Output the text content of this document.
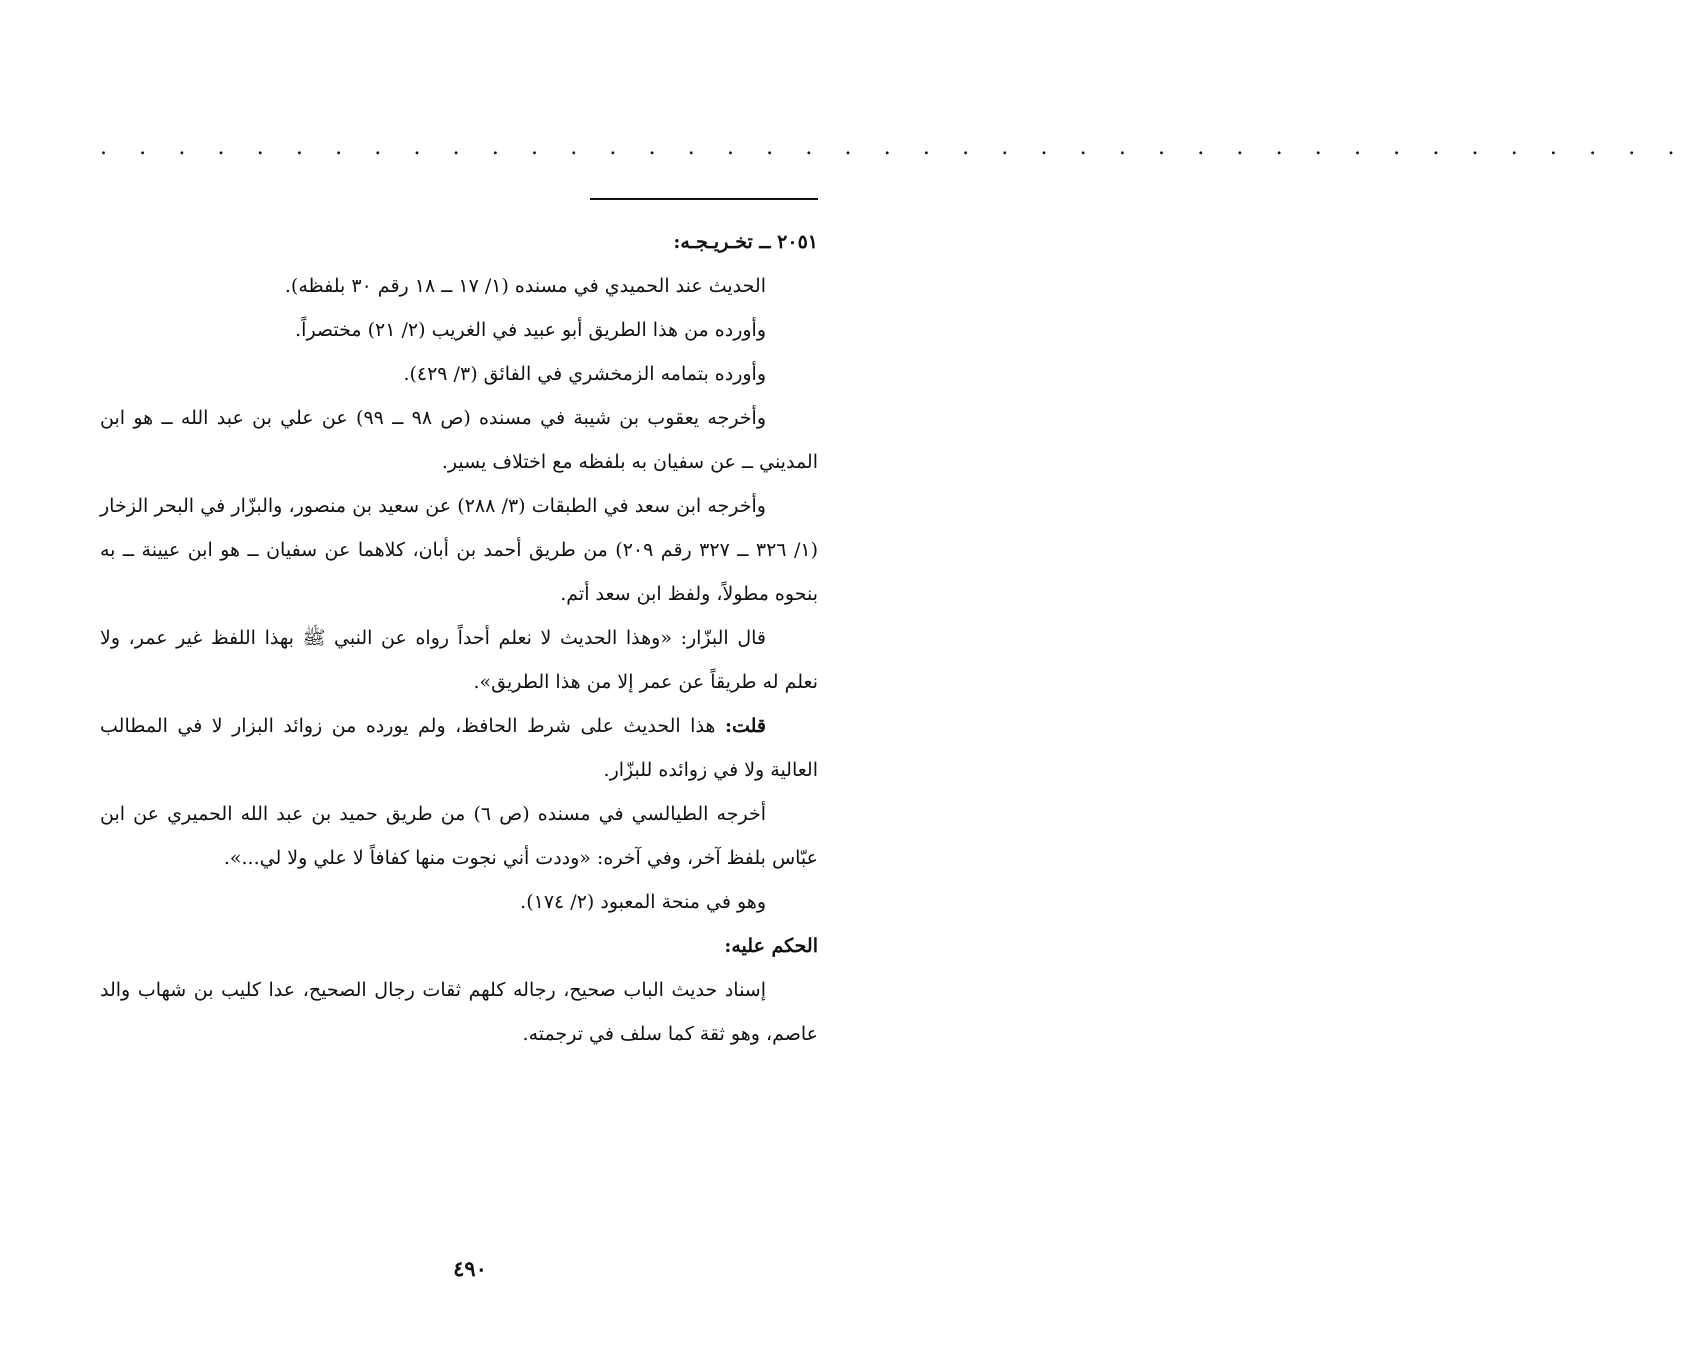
. . . . . . . . . . . . . . . . . . . . . . . . . . . . . . . . . . . . . . . . .

٢٠٥١ ــ تخـريـجـه:

الحديث عند الحميدي في مسنده (١/ ١٧ ــ ١٨ رقم ٣٠ بلفظه).

وأورده من هذا الطريق أبو عبيد في الغريب (٢/ ٢١) مختصراً.

وأورده بتمامه الزمخشري في الفائق (٣/ ٤٢٩).

وأخرجه يعقوب بن شيبة في مسنده (ص ٩٨ ــ ٩٩) عن علي بن عبد الله ــ هو ابن المديني ــ عن سفيان به بلفظه مع اختلاف يسير.

وأخرجه ابن سعد في الطبقات (٣/ ٢٨٨) عن سعيد بن منصور، والبزّار في البحر الزخار (١/ ٣٢٦ ــ ٣٢٧ رقم ٢٠٩) من طريق أحمد بن أبان، كلاهما عن سفيان ــ هو ابن عيينة ــ به بنحوه مطولاً، ولفظ ابن سعد أتم.

قال البزّار: «وهذا الحديث لا نعلم أحداً رواه عن النبي ﷺ بهذا اللفظ غير عمر، ولا نعلم له طريقاً عن عمر إلا من هذا الطريق».

قلت: هذا الحديث على شرط الحافظ، ولم يورده من زوائد البزار لا في المطالب العالية ولا في زوائده للبزّار.

أخرجه الطيالسي في مسنده (ص ٦) من طريق حميد بن عبد الله الحميري عن ابن عبّاس بلفظ آخر، وفي آخره: «وددت أني نجوت منها كفافاً لا علي ولا لي...».

وهو في منحة المعبود (٢/ ١٧٤).

الحكم عليه:

إسناد حديث الباب صحيح، رجاله كلهم ثقات رجال الصحيح، عدا كليب بن شهاب والد عاصم، وهو ثقة كما سلف في ترجمته.

٤٩٠
